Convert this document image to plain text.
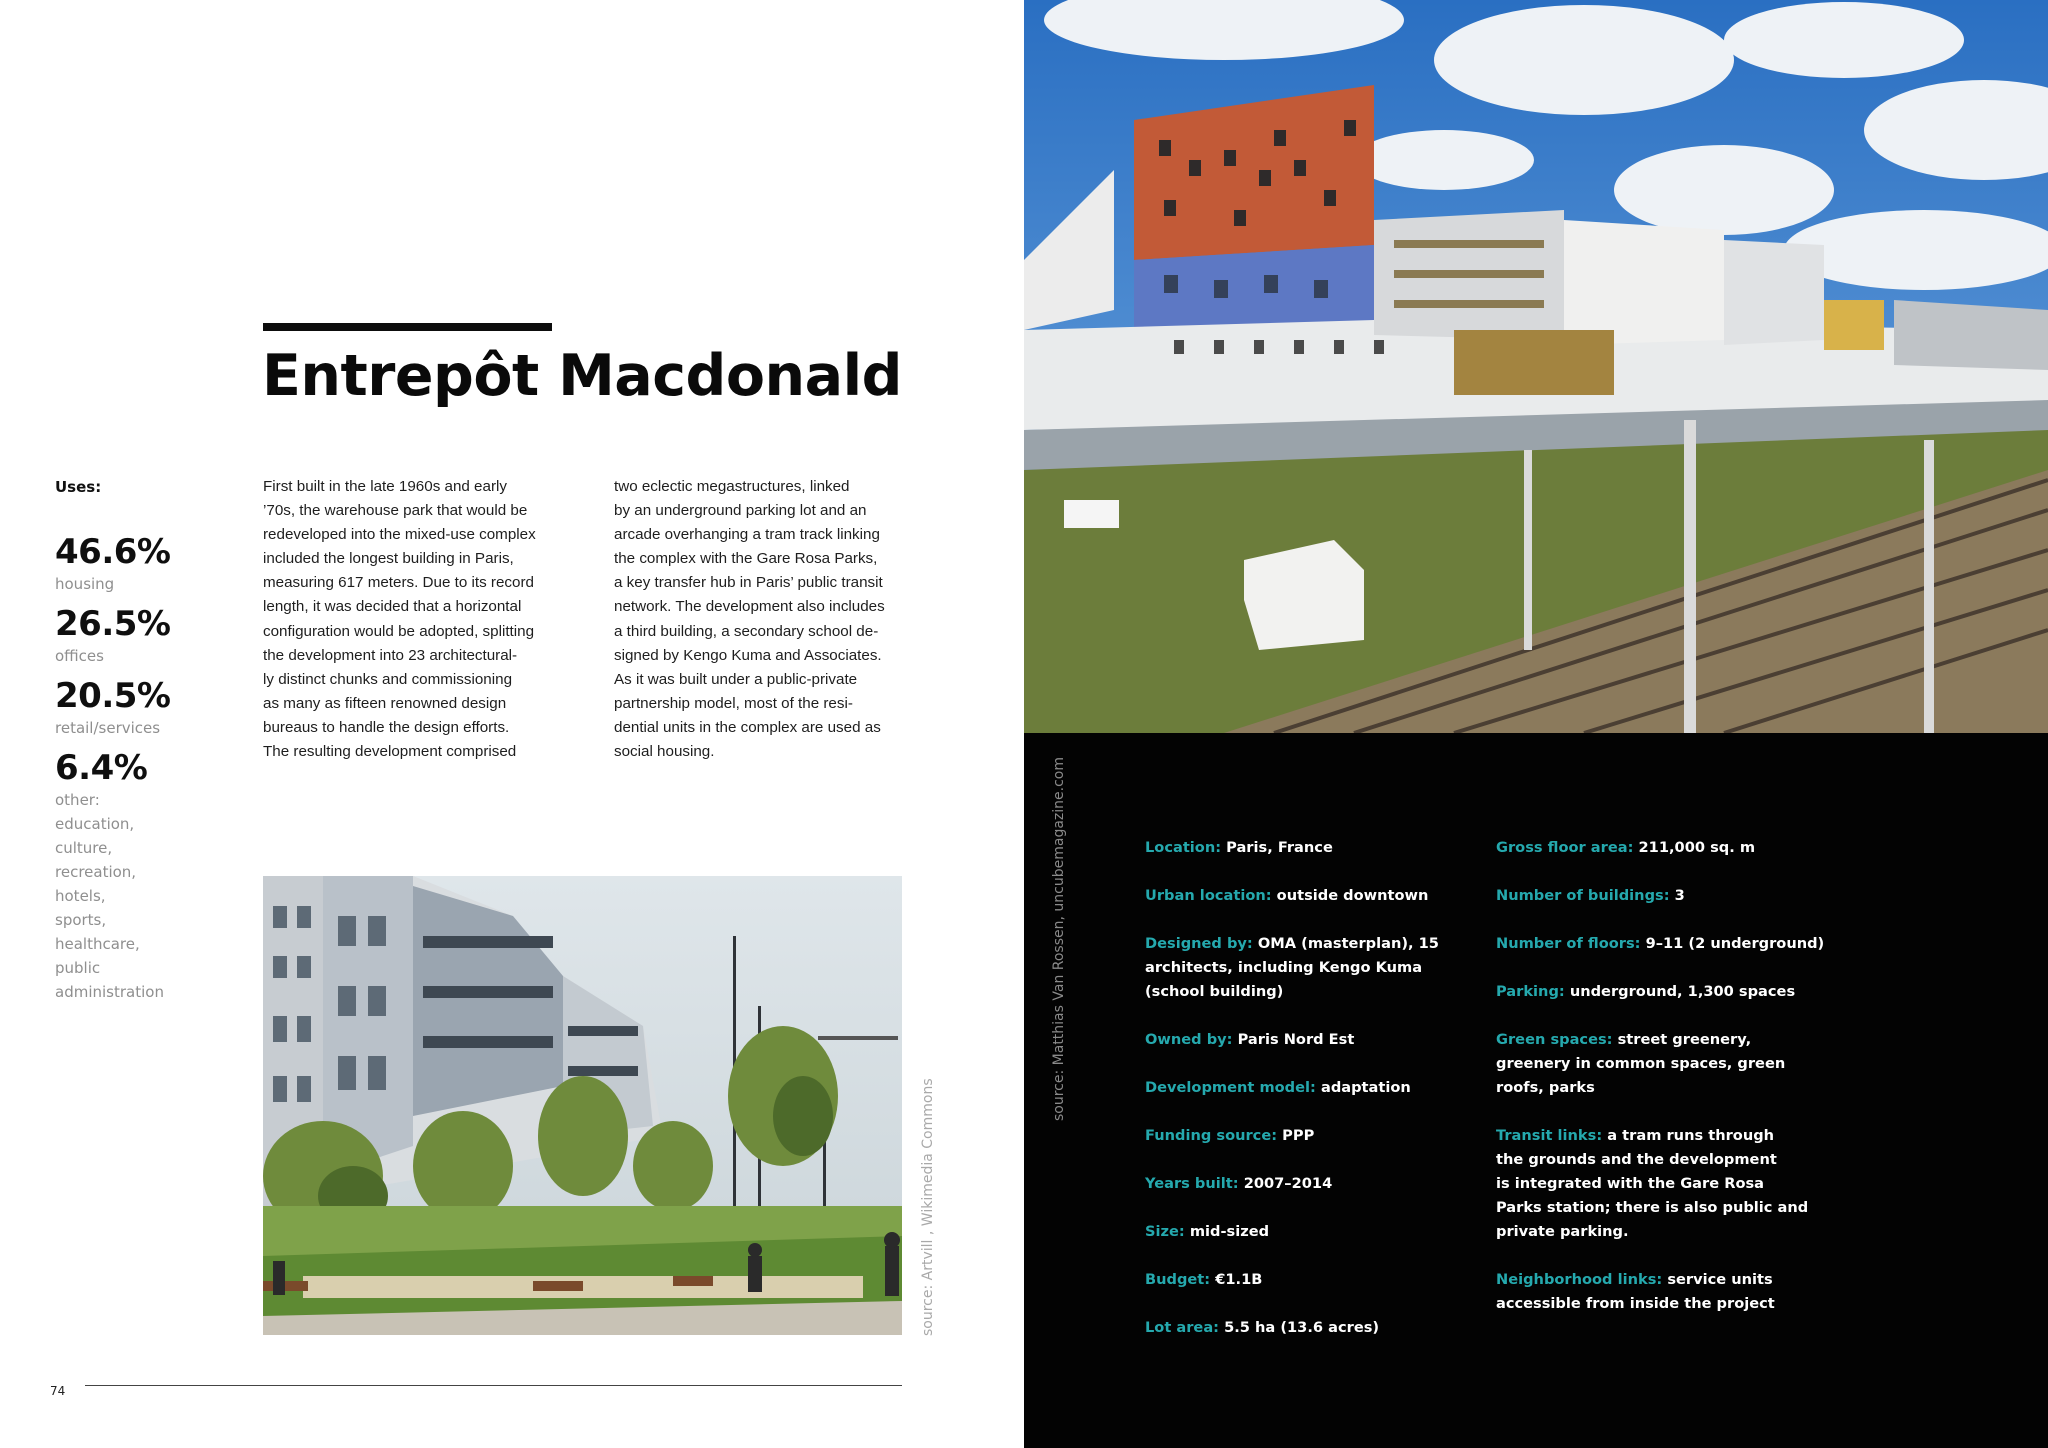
Entrepôt Macdonald
Uses:
46.6%
housing
26.5%
offices
20.5%
retail/services
6.4%
other:
education,
culture,
recreation,
hotels,
sports,
healthcare,
public
administration
First built in the late 1960s and early
’70s, the warehouse park that would be
redeveloped into the mixed-use complex
included the longest building in Paris,
measuring 617 meters. Due to its record
length, it was decided that a horizontal
configuration would be adopted, splitting
the development into 23 architectural-
ly distinct chunks and commissioning
as many as fifteen renowned design
bureaus to handle the design efforts.
The resulting development comprised
two eclectic megastructures, linked
by an underground parking lot and an
arcade overhanging a tram track linking
the complex with the Gare Rosa Parks,
a key transfer hub in Paris’ public transit
network. The development also includes
a third building, a secondary school de-
signed by Kengo Kuma and Associates.
As it was built under a public-private
partnership model, most of the resi-
dential units in the complex are used as
social housing.
source: Artvill , Wikimedia Commons
74
source: Matthias Van Rossen, uncubemagazine.com	Location: Paris, France
Urban location: outside downtown
Designed by: OMA (masterplan), 15
architects, including Kengo Kuma
(school building)
Owned by: Paris Nord Est
Development model: adaptation
Funding source: PPP
Years built: 2007–2014
Size: mid-sized
Budget: €1.1B
Lot area: 5.5 ha (13.6 acres)
Gross floor area: 211,000 sq. m
Number of buildings: 3
Number of floors: 9–11 (2 underground)
Parking: underground, 1,300 spaces
Green spaces: street greenery,
greenery in common spaces, green
roofs, parks
Transit links: a tram runs through
the grounds and the development
is integrated with the Gare Rosa
Parks station; there is also public and
private parking.
Neighborhood links: service units
accessible from inside the project
